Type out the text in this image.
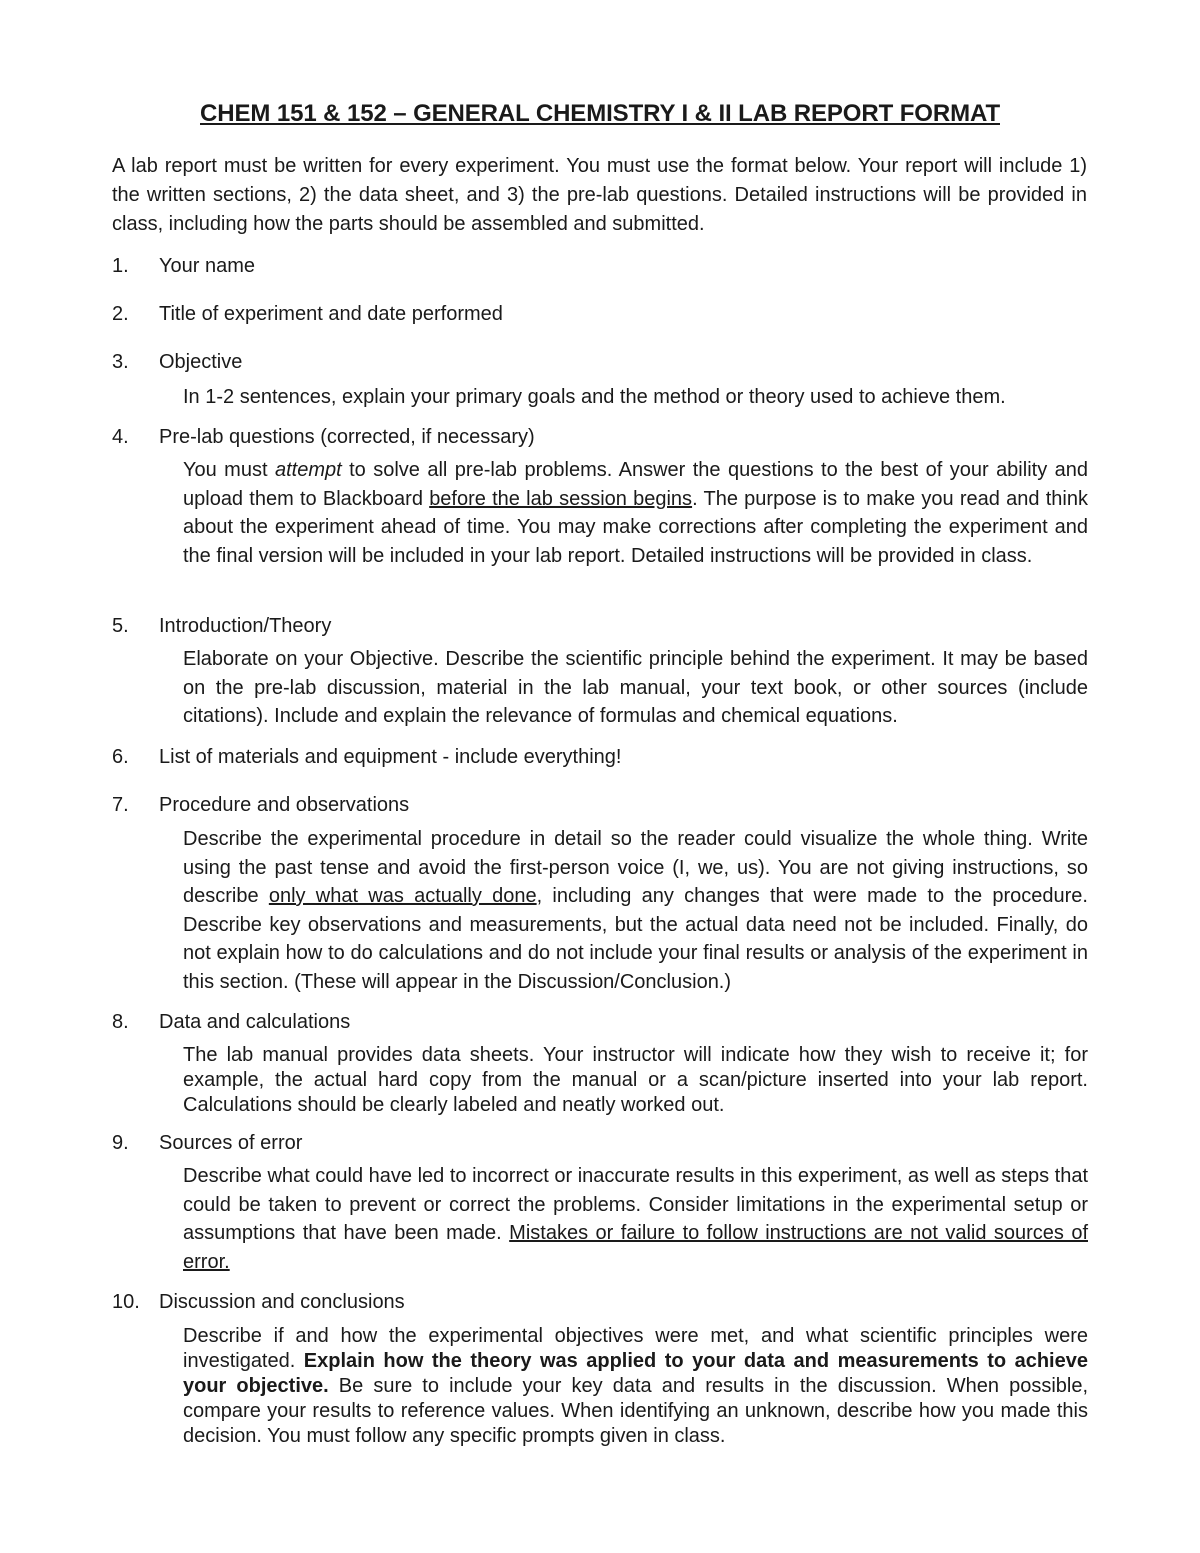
CHEM 151 & 152 – GENERAL CHEMISTRY I & II LAB REPORT FORMAT

A lab report must be written for every experiment. You must use the format below. Your report will include 1) the written sections, 2) the data sheet, and 3) the pre-lab questions. Detailed instructions will be provided in class, including how the parts should be assembled and submitted.

1. Your name
2. Title of experiment and date performed
3. Objective

In 1-2 sentences, explain your primary goals and the method or theory used to achieve them.

4. Pre-lab questions (corrected, if necessary)

You must attempt to solve all pre-lab problems. Answer the questions to the best of your ability and upload them to Blackboard before the lab session begins. The purpose is to make you read and think about the experiment ahead of time. You may make corrections after completing the experiment and the final version will be included in your lab report. Detailed instructions will be provided in class.

5. Introduction/Theory

Elaborate on your Objective. Describe the scientific principle behind the experiment. It may be based on the pre-lab discussion, material in the lab manual, your text book, or other sources (include citations). Include and explain the relevance of formulas and chemical equations.

6. List of materials and equipment - include everything!
7. Procedure and observations

Describe the experimental procedure in detail so the reader could visualize the whole thing. Write using the past tense and avoid the first-person voice (I, we, us). You are not giving instructions, so describe only what was actually done, including any changes that were made to the procedure. Describe key observations and measurements, but the actual data need not be included. Finally, do not explain how to do calculations and do not include your final results or analysis of the experiment in this section. (These will appear in the Discussion/Conclusion.)

8. Data and calculations

The lab manual provides data sheets. Your instructor will indicate how they wish to receive it; for example, the actual hard copy from the manual or a scan/picture inserted into your lab report. Calculations should be clearly labeled and neatly worked out.

9. Sources of error

Describe what could have led to incorrect or inaccurate results in this experiment, as well as steps that could be taken to prevent or correct the problems. Consider limitations in the experimental setup or assumptions that have been made. Mistakes or failure to follow instructions are not valid sources of error.

10. Discussion and conclusions

Describe if and how the experimental objectives were met, and what scientific principles were investigated. Explain how the theory was applied to your data and measurements to achieve your objective. Be sure to include your key data and results in the discussion. When possible, compare your results to reference values. When identifying an unknown, describe how you made this decision. You must follow any specific prompts given in class.
